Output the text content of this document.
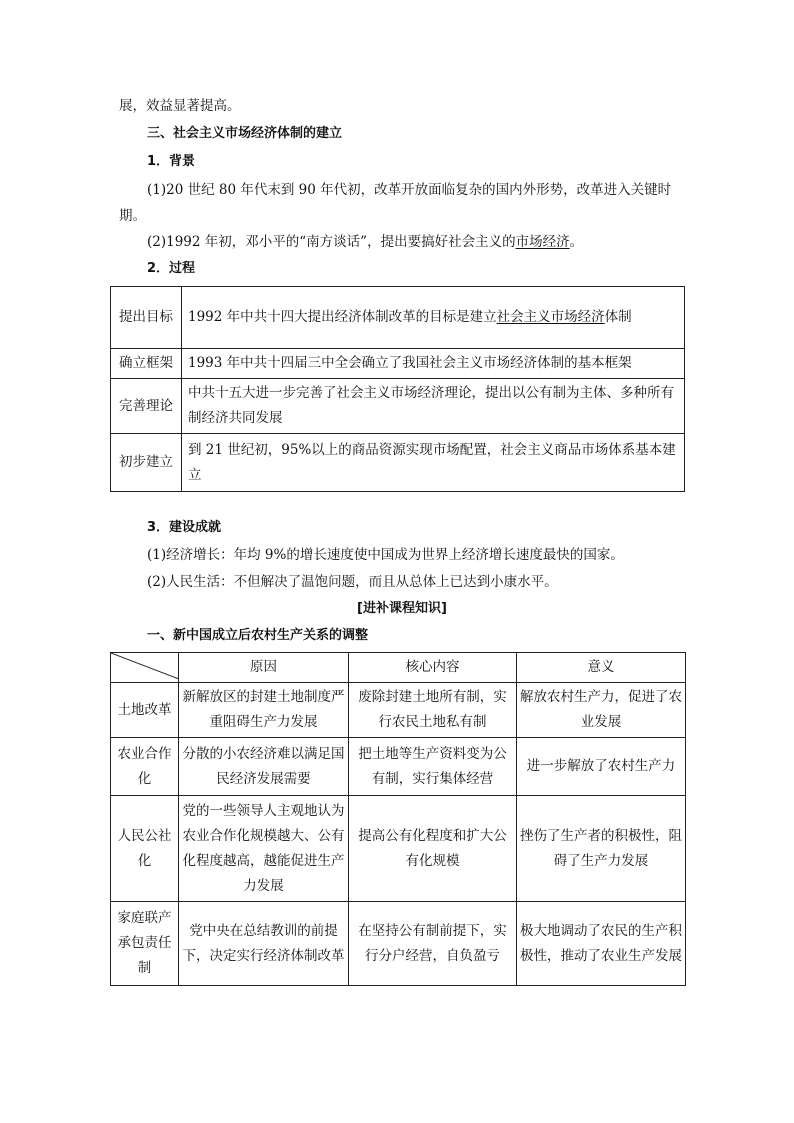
展，效益显著提高。
三、社会主义市场经济体制的建立
1．背景
(1)20 世纪 80 年代末到 90 年代初，改革开放面临复杂的国内外形势，改革进入关键时
期。
(2)1992 年初，邓小平的“南方谈话”，提出要搞好社会主义的市场经济。
2．过程
提出目标	1992 年中共十四大提出经济体制改革的目标是建立社会主义市场经济体制
确立框架	1993 年中共十四届三中全会确立了我国社会主义市场经济体制的基本框架
完善理论	中共十五大进一步完善了社会主义市场经济理论，提出以公有制为主体、多种所有制经济共同发展
初步建立	到 21 世纪初，95%以上的商品资源实现市场配置，社会主义商品市场体系基本建立
3．建设成就
(1)经济增长：年均 9%的增长速度使中国成为世界上经济增长速度最快的国家。
(2)人民生活：不但解决了温饱问题，而且从总体上已达到小康水平。
[进补课程知识]
一、新中国成立后农村生产关系的调整
	原因	核心内容	意义
土地改革	新解放区的封建土地制度严重阻碍生产力发展	废除封建土地所有制，实行农民土地私有制	解放农村生产力，促进了农业发展
农业合作化	分散的小农经济难以满足国民经济发展需要	把土地等生产资料变为公有制，实行集体经营	进一步解放了农村生产力
人民公社化	党的一些领导人主观地认为农业合作化规模越大、公有化程度越高，越能促进生产力发展	提高公有化程度和扩大公有化规模	挫伤了生产者的积极性，阻碍了生产力发展
家庭联产承包责任制	党中央在总结教训的前提下，决定实行经济体制改革	在坚持公有制前提下，实行分户经营，自负盈亏	极大地调动了农民的生产积极性，推动了农业生产发展
